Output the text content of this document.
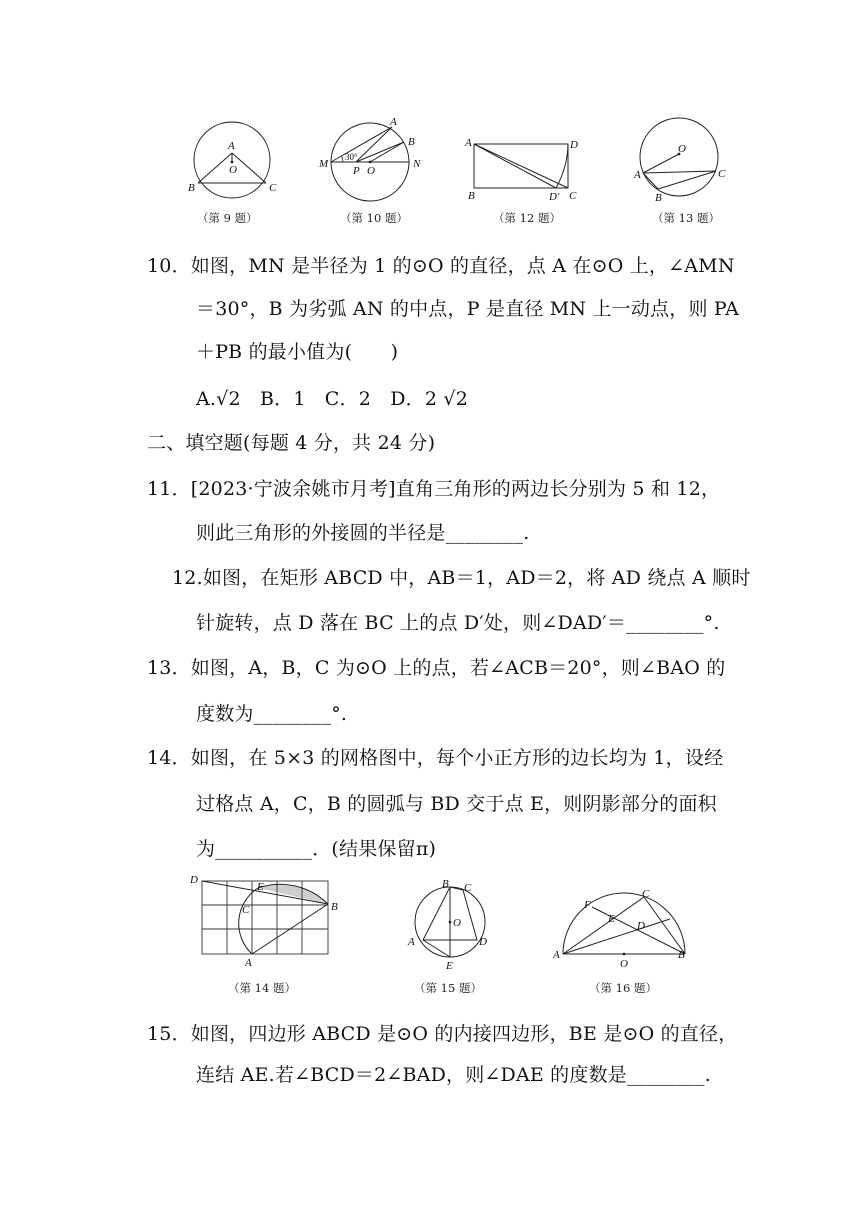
A
O
B	C
（第 9 题）
A
B
M
30°
P O
N
（第 10 题）
A	D
B	D′ C
（第 12 题）
O
A
B
C
（第 13 题）
10．如图，MN 是半径为 1 的⊙O 的直径，点 A 在⊙O 上，∠AMN
＝30°，B 为劣弧 AN 的中点，P 是直径 MN 上一动点，则 PA
＋PB 的最小值为(　　)
A.√2　B．1　C．2　D．2 √2
二、填空题(每题 4 分，共 24 分)
11．[2023·宁波余姚市月考]直角三角形的两边长分别为 5 和 12，
则此三角形的外接圆的半径是________.
12.如图，在矩形 ABCD 中，AB＝1，AD＝2，将 AD 绕点 A 顺时
针旋转，点 D 落在 BC 上的点 D′处，则∠DAD′＝________°.
13．如图，A，B，C 为⊙O 上的点，若∠ACB＝20°，则∠BAO 的
度数为________°.
14．如图，在 5×3 的网格图中，每个小正方形的边长均为 1，设经
过格点 A，C，B 的圆弧与 BD 交于点 E，则阴影部分的面积
为__________．(结果保留π)
D
E
C	B
A
（第 14 题）
B C
O
A	D
E
（第 15 题）
F
C
E
D
A
O
B
（第 16 题）
15．如图，四边形 ABCD 是⊙O 的内接四边形，BE 是⊙O 的直径，
连结 AE.若∠BCD＝2∠BAD，则∠DAE 的度数是________.
